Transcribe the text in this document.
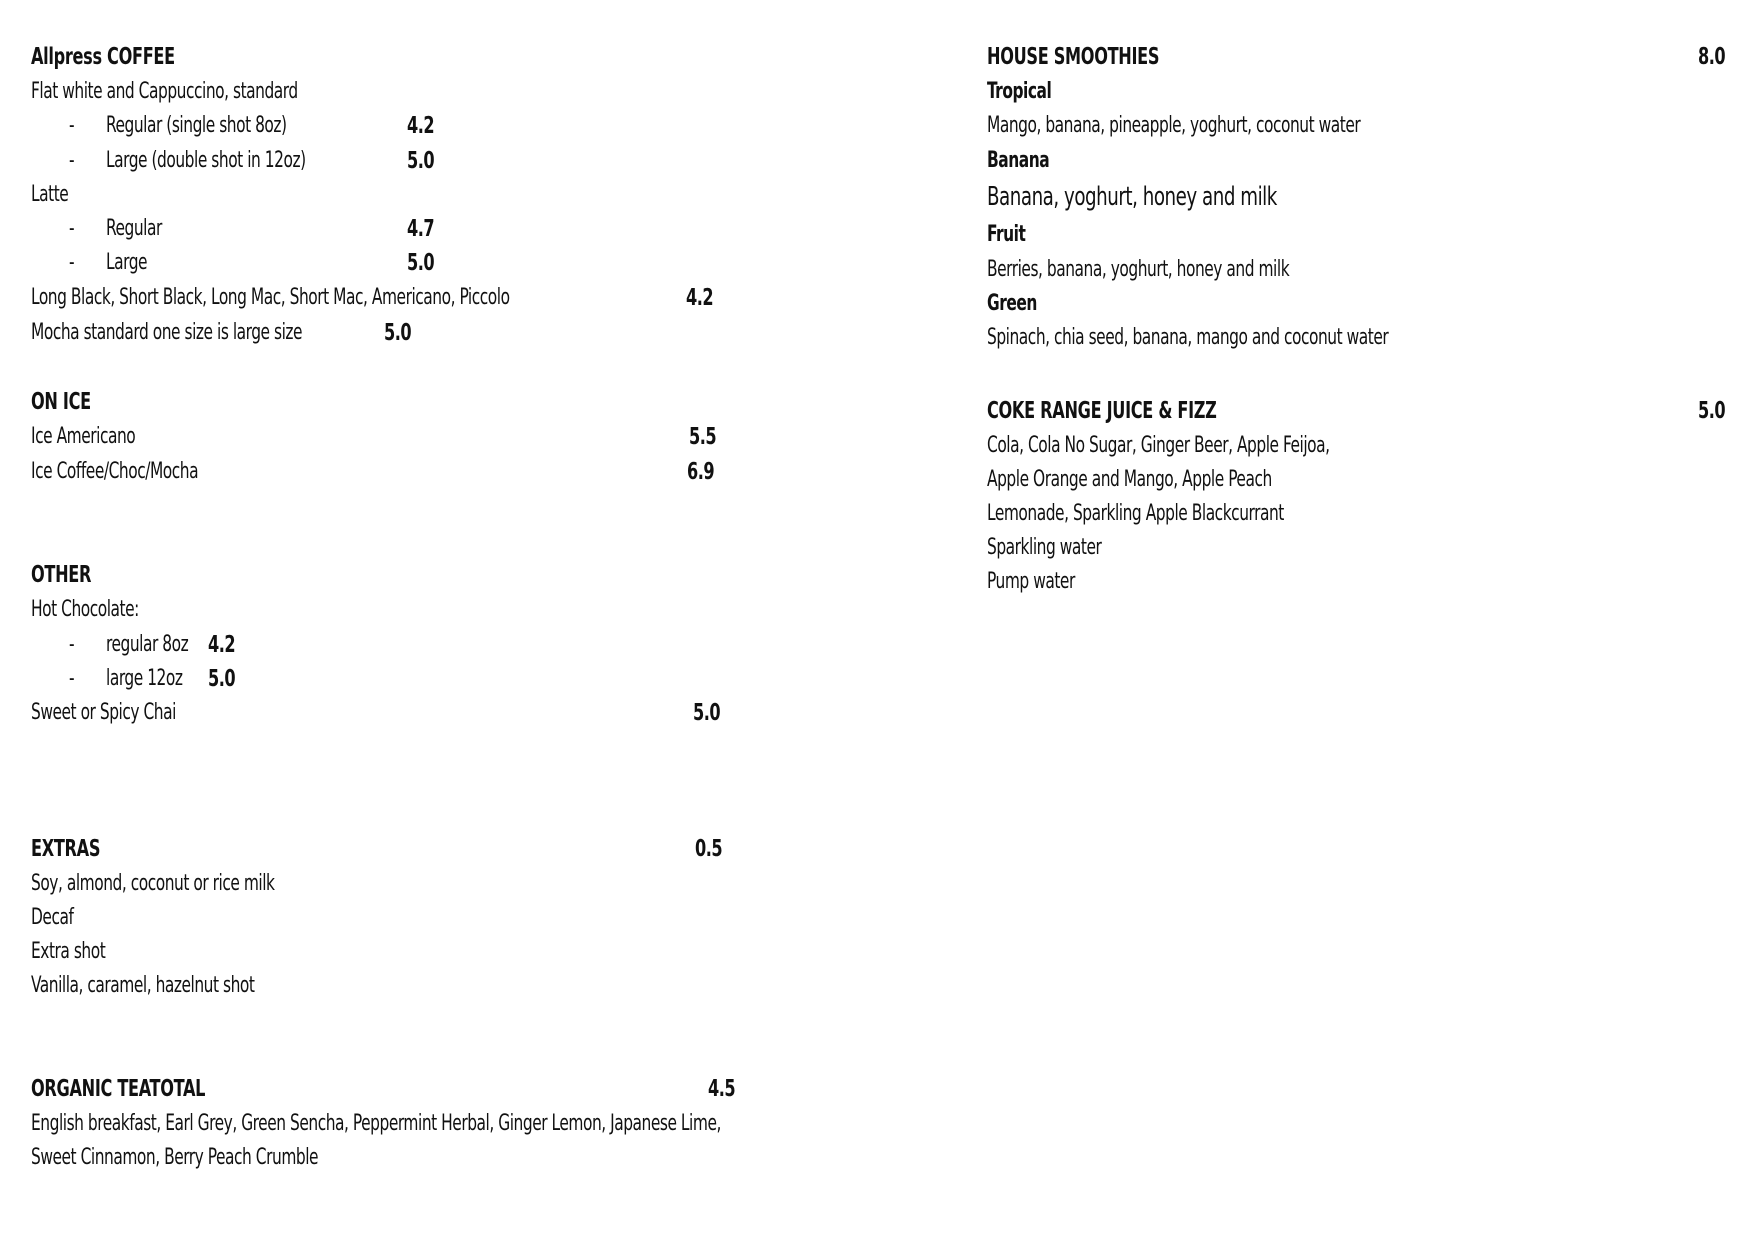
Allpress COFFEE
Flat white and Cappuccino, standard
- Regular (single shot 8oz)	4.2
- Large (double shot in 12oz)	5.0
Latte
- Regular	4.7
- Large	5.0
Long Black, Short Black, Long Mac, Short Mac, Americano, Piccolo	4.2
Mocha standard one size is large size	5.0
ON ICE
Ice Americano	5.5
Ice Coffee/Choc/Mocha	6.9
OTHER
Hot Chocolate:
- regular 8oz 4.2
- large 12oz 5.0
Sweet or Spicy Chai	5.0
EXTRAS	0.5
Soy, almond, coconut or rice milk
Decaf
Extra shot
Vanilla, caramel, hazelnut shot
ORGANIC TEATOTAL	4.5
English breakfast, Earl Grey, Green Sencha, Peppermint Herbal, Ginger Lemon, Japanese Lime,
Sweet Cinnamon, Berry Peach Crumble
HOUSE SMOOTHIES	8.0
Tropical
Mango, banana, pineapple, yoghurt, coconut water
Banana
Banana, yoghurt, honey and milk
Fruit
Berries, banana, yoghurt, honey and milk
Green
Spinach, chia seed, banana, mango and coconut water
COKE RANGE JUICE & FIZZ	5.0
Cola, Cola No Sugar, Ginger Beer, Apple Feijoa,
Apple Orange and Mango, Apple Peach
Lemonade, Sparkling Apple Blackcurrant
Sparkling water
Pump water
